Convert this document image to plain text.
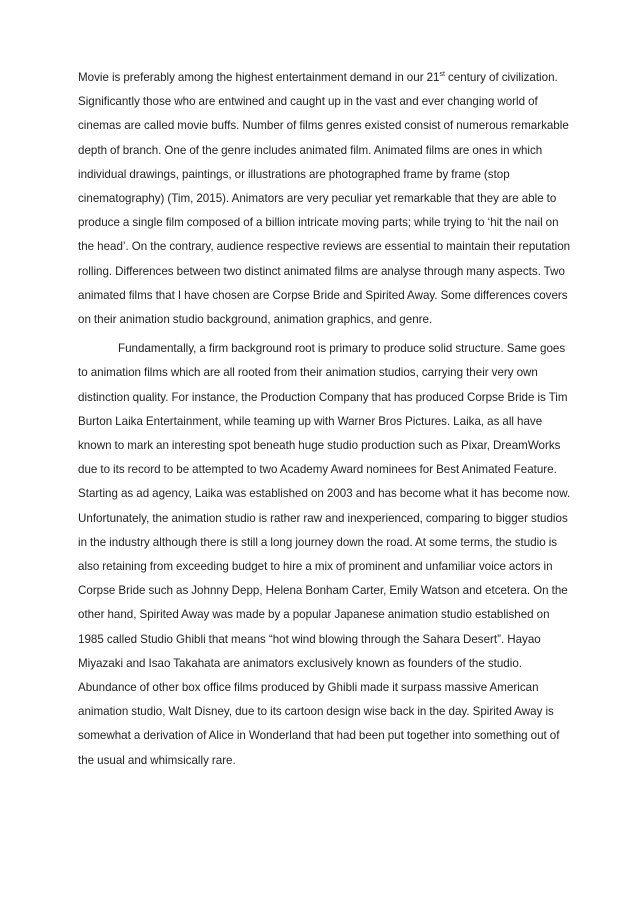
Movie is preferably among the highest entertainment demand in our 21st century of civilization.
Significantly those who are entwined and caught up in the vast and ever changing world of
cinemas are called movie buffs. Number of films genres existed consist of numerous remarkable
depth of branch. One of the genre includes animated film. Animated films are ones in which
individual drawings, paintings, or illustrations are photographed frame by frame (stop
cinematography) (Tim, 2015). Animators are very peculiar yet remarkable that they are able to
produce a single film composed of a billion intricate moving parts; while trying to ‘hit the nail on
the head’. On the contrary, audience respective reviews are essential to maintain their reputation
rolling. Differences between two distinct animated films are analyse through many aspects. Two
animated films that I have chosen are Corpse Bride and Spirited Away. Some differences covers
on their animation studio background, animation graphics, and genre.

Fundamentally, a firm background root is primary to produce solid structure. Same goes
to animation films which are all rooted from their animation studios, carrying their very own
distinction quality. For instance, the Production Company that has produced Corpse Bride is Tim
Burton Laika Entertainment, while teaming up with Warner Bros Pictures. Laika, as all have
known to mark an interesting spot beneath huge studio production such as Pixar, DreamWorks
due to its record to be attempted to two Academy Award nominees for Best Animated Feature.
Starting as ad agency, Laika was established on 2003 and has become what it has become now.
Unfortunately, the animation studio is rather raw and inexperienced, comparing to bigger studios
in the industry although there is still a long journey down the road. At some terms, the studio is
also retaining from exceeding budget to hire a mix of prominent and unfamiliar voice actors in
Corpse Bride such as Johnny Depp, Helena Bonham Carter, Emily Watson and etcetera. On the
other hand, Spirited Away was made by a popular Japanese animation studio established on
1985 called Studio Ghibli that means “hot wind blowing through the Sahara Desert”. Hayao
Miyazaki and Isao Takahata are animators exclusively known as founders of the studio.
Abundance of other box office films produced by Ghibli made it surpass massive American
animation studio, Walt Disney, due to its cartoon design wise back in the day. Spirited Away is
somewhat a derivation of Alice in Wonderland that had been put together into something out of
the usual and whimsically rare.
